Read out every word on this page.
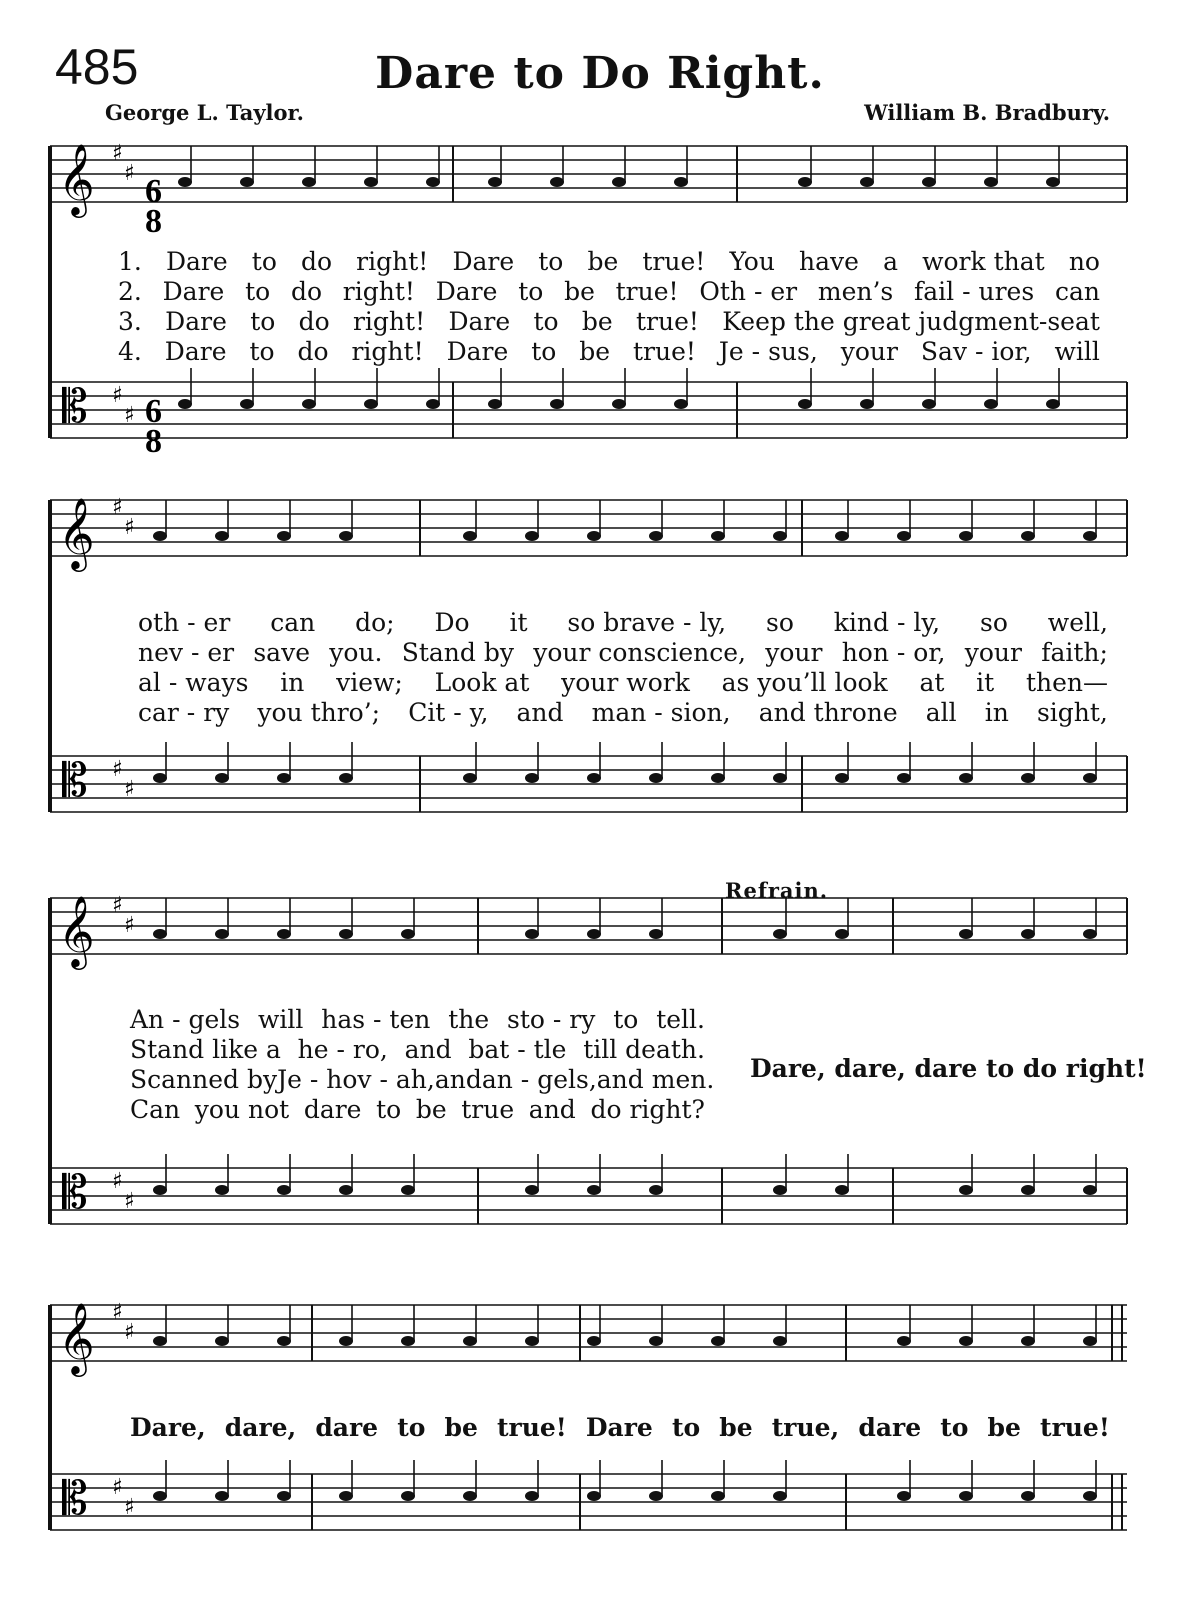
485	Dare to Do Right.
George L. Taylor.	William B. Bradbury.
𝄞
𝄡
♯
♯
♯
♯
𝄞
𝄡
♯
♯
♯
♯
𝄞
𝄡
♯
♯
♯
♯
𝄞
𝄡
♯
♯
♯
♯
6
8
6
8
1. Dare to do right! Dare to be true! You have a work that no
2. Dare to do right! Dare to be true! Oth - er men’s fail - ures can
3. Dare to do right! Dare to be true! Keep the great judgment-seat
4. Dare to do right! Dare to be true! Je - sus, your Sav - ior, will
oth - er can do; Do it so brave - ly, so kind - ly, so well,
nev - er save you. Stand by your conscience, your hon - or, your faith;
al - ways in view; Look at your work as you’ll look at it then—
car - ry you thro’; Cit - y, and man - sion, and throne all in sight,
An - gels will has - ten the sto - ry to tell.
Stand like a he - ro, and bat - tle till death.
Scanned by Je - hov - ah, and an - gels, and men.
Can you not dare to be true and do right?
Refrain.
Dare, dare, dare to do right!
Dare, dare, dare to be true! Dare to be true, dare to be true!
